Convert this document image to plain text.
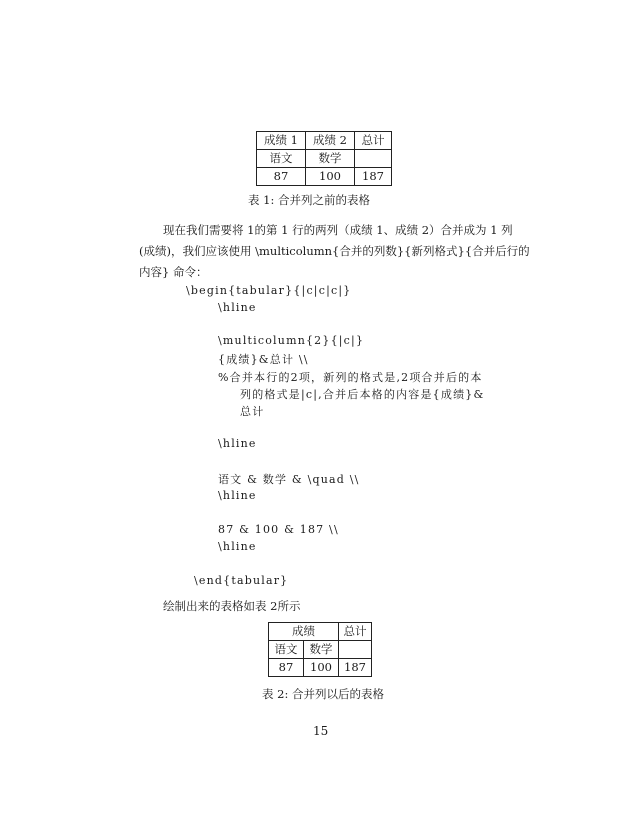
成绩 1	成绩 2	总计
语文	数学	
87	100	187
表 1: 合并列之前的表格
现在我们需要将 1的第 1 行的两列（成绩 1、成绩 2）合并成为 1 列
(成绩)，我们应该使用 \multicolumn{合并的列数}{新列格式}{合并后行的
内容} 命令：
\begin{tabular}{|c|c|c|}
\hline
\multicolumn{2}{|c|}
{成绩}&总计 \\
%合并本行的2项，新列的格式是,2项合并后的本
列的格式是|c|,合并后本格的内容是{成绩}&
总计
\hline
语文 & 数学 & \quad \\
\hline
87 & 100 & 187 \\
\hline
\end{tabular}
绘制出来的表格如表 2所示
成绩		总计
语文	数学	
87	100	187
表 2: 合并列以后的表格
15
